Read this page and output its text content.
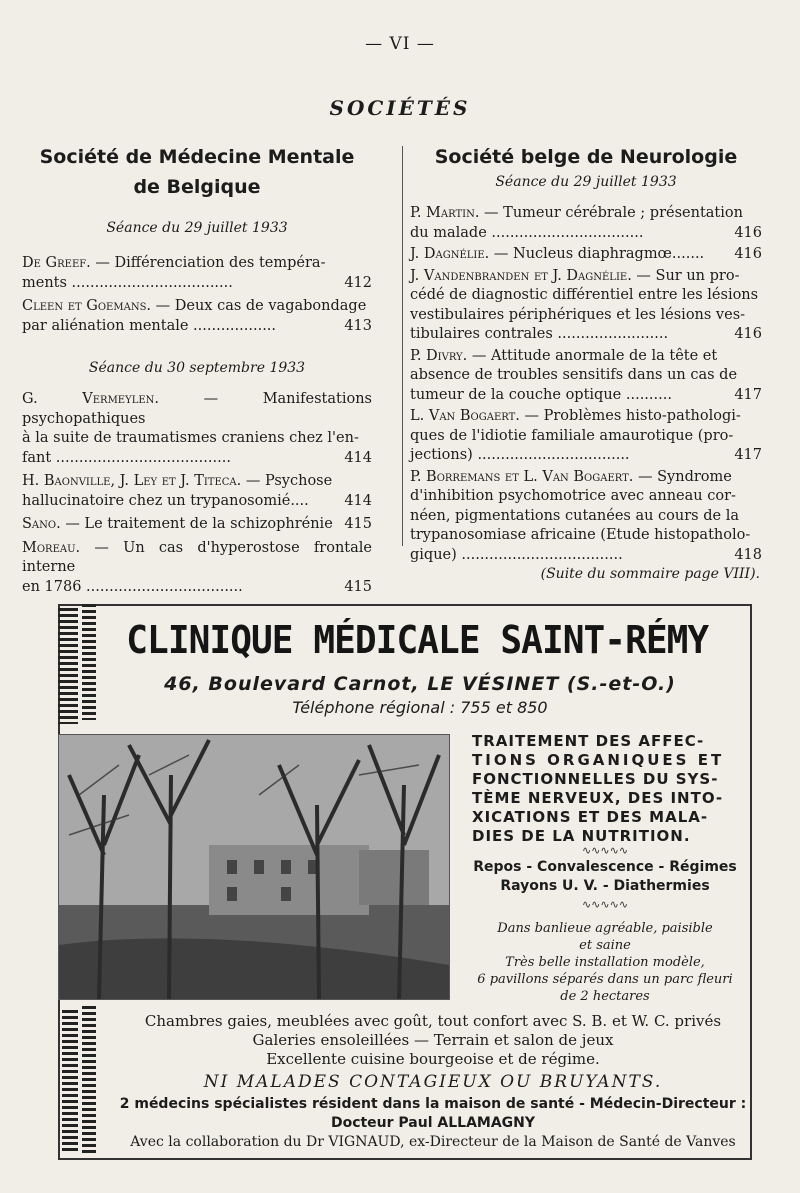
— VI —
SOCIÉTÉS
Société de Médecine Mentale
de Belgique
Séance du 29 juillet 1933
De Greef. — Différenciation des tempéra-
ments ...................................	412
Cleen et Goemans. — Deux cas de vagabondage
par aliénation mentale ..................	413
Séance du 30 septembre 1933
G. Vermeylen. — Manifestations psychopathiques
à la suite de traumatismes craniens chez l'en-
fant ......................................	414
H. Baonville, J. Ley et J. Titeca. — Psychose
hallucinatoire chez un trypanosomié.... 414
Sano. — Le traitement de la schizophrénie 415
Moreau. — Un cas d'hyperostose frontale interne
en 1786 ..................................	415
Société belge de Neurologie
Séance du 29 juillet 1933
P. Martin. — Tumeur cérébrale ; présentation
du malade .................................	416
J. Dagnélie. — Nucleus diaphragmœ....... 416
J. Vandenbranden et J. Dagnélie. — Sur un pro-
cédé de diagnostic différentiel entre les lésions
vestibulaires périphériques et les lésions ves-
tibulaires contrales ........................	416
P. Divry. — Attitude anormale de la tête et
absence de troubles sensitifs dans un cas de
tumeur de la couche optique ..........	417
L. Van Bogaert. — Problèmes histo-pathologi-
ques de l'idiotie familiale amaurotique (pro-
jections) .................................	417
P. Borremans et L. Van Bogaert. — Syndrome
d'inhibition psychomotrice avec anneau cor-
néen, pigmentations cutanées au cours de la
trypanosomiase africaine (Etude histopatholo-
gique) ...................................	418
(Suite du sommaire page VIII).
CLINIQUE MÉDICALE SAINT-RÉMY
46, Boulevard Carnot, LE VÉSINET (S.-et-O.)
Téléphone régional : 755 et 850
TRAITEMENT DES AFFEC-
TIONS ORGANIQUES ET
FONCTIONNELLES DU SYS-
TÈME NERVEUX, DES INTO-
XICATIONS ET DES MALA-
DIES DE LA NUTRITION.
Repos - Convalescence - Régimes
Rayons U. V. - Diathermies
∿∿∿∿∿
∿∿∿∿∿
Dans banlieue agréable, paisible
et saine
Très belle installation modèle,
6 pavillons séparés dans un parc fleuri
de 2 hectares
Chambres gaies, meublées avec goût, tout confort avec S. B. et W. C. privés
Galeries ensoleillées — Terrain et salon de jeux
Excellente cuisine bourgeoise et de régime.
NI MALADES CONTAGIEUX OU BRUYANTS.
2 médecins spécialistes résident dans la maison de santé - Médecin-Directeur :
Docteur Paul ALLAMAGNY
Avec la collaboration du Dr VIGNAUD, ex-Directeur de la Maison de Santé de Vanves
